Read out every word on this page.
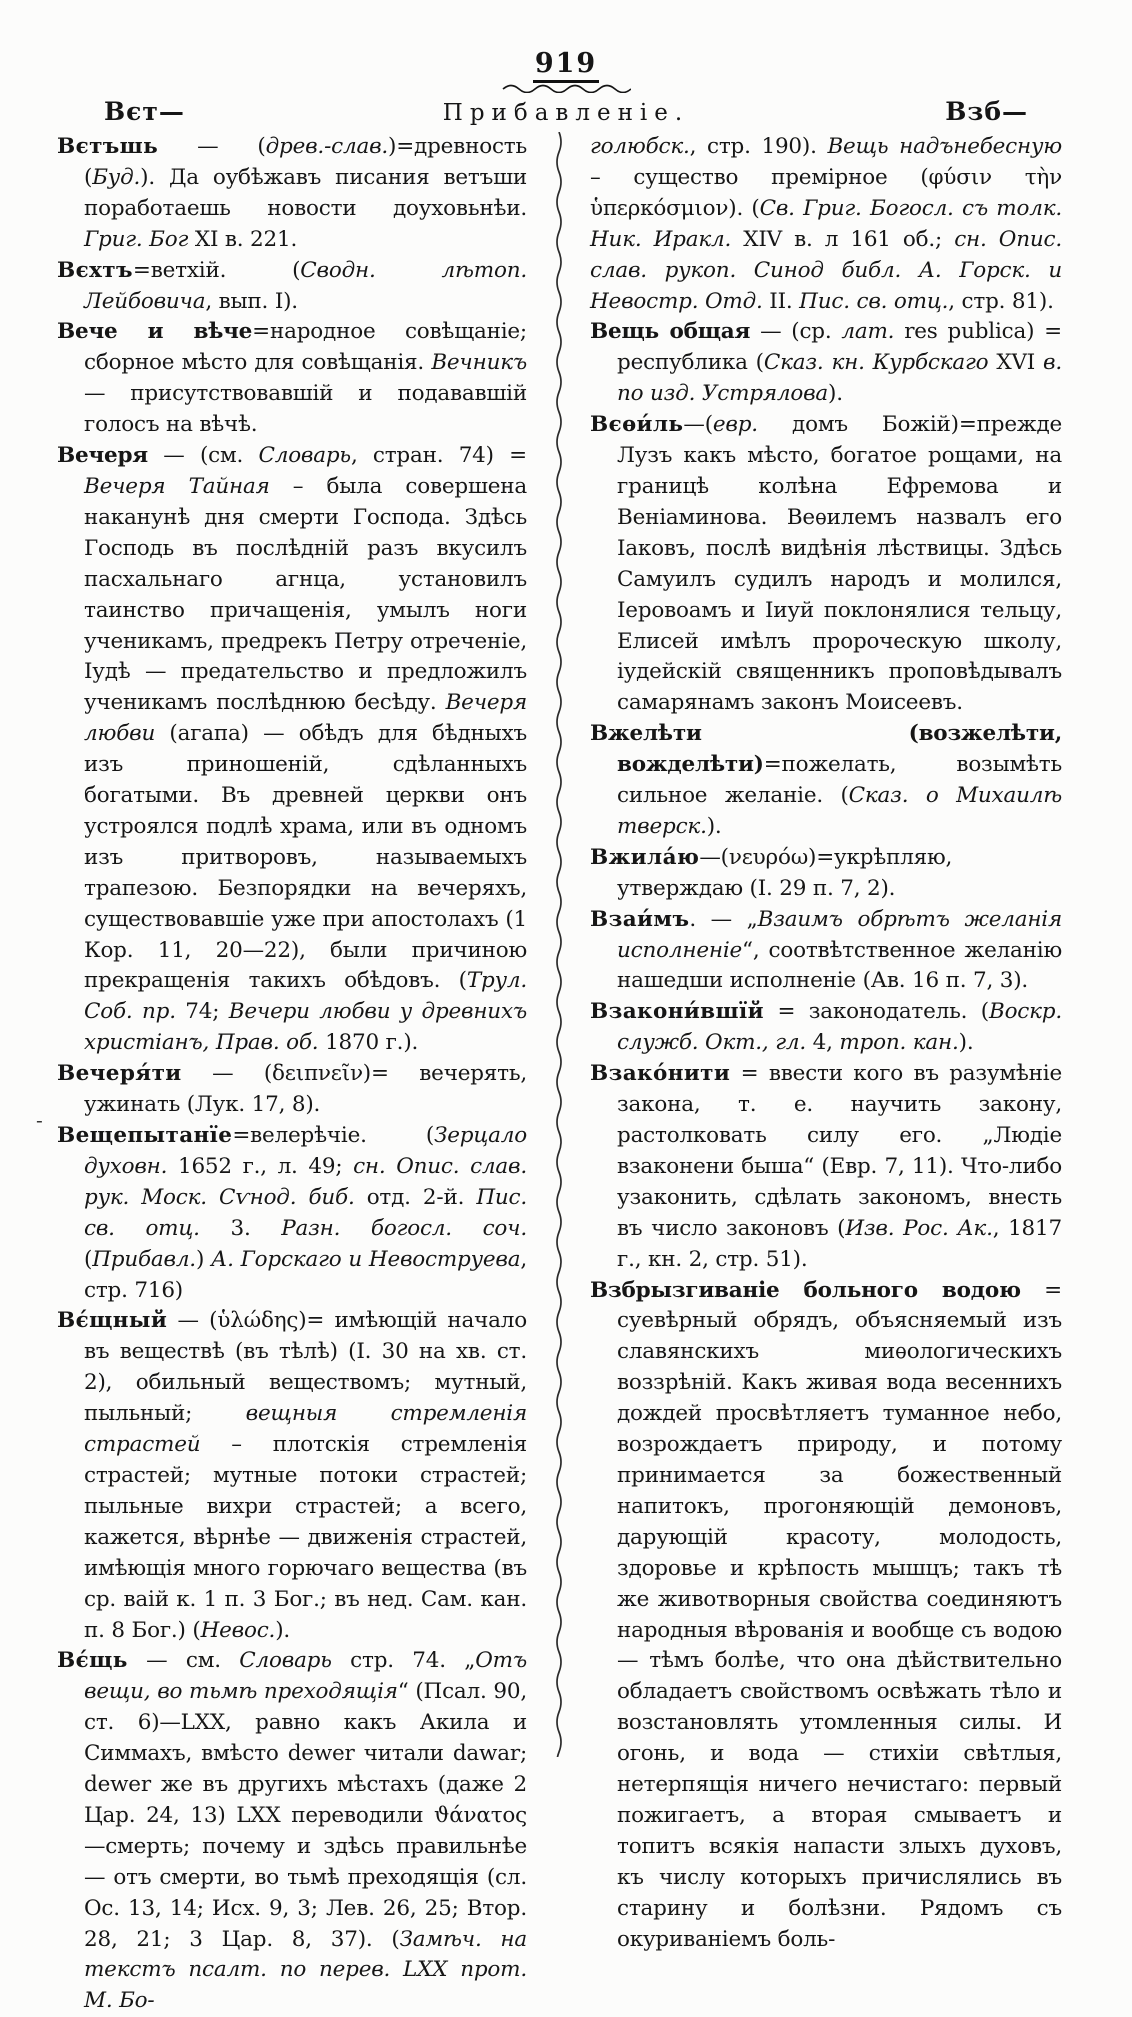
919
Вєт—	Прибавленіе.	Взб—

Вєтъшь — (древ.-слав.)=древность (Буд.). Да оубѣжавъ писания ветъши поработаешь новости доуховьнѣи. Григ. Бог XI в. 221.

Вєхтъ=ветхій. (Сводн. лѣтоп. Лейбовича, вып. I).

Вече и вѣче=народное совѣщаніе; сборное мѣсто для совѣщанія. Вечникъ — присутствовавшій и подававшій голосъ на вѣчѣ.

Вечеря — (см. Словарь, стран. 74) = Вечеря Тайная – была совершена наканунѣ дня смерти Господа. Здѣсь Господь въ послѣдній разъ вкусилъ пасхальнаго агнца, установилъ таинство причащенія, умылъ ноги ученикамъ, предрекъ Петру отреченіе, Іудѣ — предательство и предложилъ ученикамъ послѣднюю бесѣду. Вечеря любви (агапа) — обѣдъ для бѣдныхъ изъ приношеній, сдѣланныхъ богатыми. Въ древней церкви онъ устроялся подлѣ храма, или въ одномъ изъ притворовъ, называемыхъ трапезою. Безпорядки на вечеряхъ, существовавшіе уже при апостолахъ (1 Кор. 11, 20—22), были причиною прекращенія такихъ обѣдовъ. (Трул. Соб. пр. 74; Вечери любви у древнихъ христіанъ, Прав. об. 1870 г.).

Вечеря́ти — (δειπνεῖν)= вечерять, ужинать (Лук. 17, 8).

Вещепытанїе=велерѣчіе. (Зерцало духовн. 1652 г., л. 49; сн. Опис. слав. рук. Моск. Сѵнод. биб. отд. 2-й. Пис. св. отц. 3. Разн. богосл. соч. (Прибавл.) А. Горскаго и Невоструева, стр. 716)

Вє́щный — (ὑλώδης)= имѣющій начало въ веществѣ (въ тѣлѣ) (І. 30 на хв. ст. 2), обильный веществомъ; мутный, пыльный; вещныя стремленія страстей – плотскія стремленія страстей; мутные потоки страстей; пыльные вихри страстей; а всего, кажется, вѣрнѣе — движенія страстей, имѣющія много горючаго вещества (въ ср. ваій к. 1 п. 3 Бог.; въ нед. Сам. кан. п. 8 Бог.) (Невос.).

Вє́щь — см. Словарь стр. 74. „Отъ вещи, во тьмѣ преходящія“ (Псал. 90, ст. 6)—LXX, равно какъ Акила и Симмахъ, вмѣсто dewer читали dawar; dewer же въ другихъ мѣстахъ (даже 2 Цар. 24, 13) LXX переводили ϑάνατος—смерть; почему и здѣсь правильнѣе — отъ смерти, во тьмѣ преходящія (сл. Ос. 13, 14; Исх. 9, 3; Лев. 26, 25; Втор. 28, 21; 3 Цар. 8, 37). (Замѣч. на текстъ псалт. по перев. LXX прот. М. Бо-

голюбск., стр. 190). Вещь надънебесную – существо премірное (φύσιν τὴν ὑπερκόσμιον). (Св. Григ. Богосл. съ толк. Ник. Иракл. XIV в. л 161 об.; сн. Опис. слав. рукоп. Синод библ. А. Горск. и Невостр. Отд. II. Пис. св. отц., стр. 81).

Вещь общая — (ср. лат. res publica) = республика (Сказ. кн. Курбскаго XVI в. по изд. Устрялова).

Вєѳи́ль—(евр. домъ Божій)=прежде Лузъ какъ мѣсто, богатое рощами, на границѣ колѣна Ефремова и Веніаминова. Веѳилемъ назвалъ его Іаковъ, послѣ видѣнія лѣствицы. Здѣсь Самуилъ судилъ народъ и молился, Іеровоамъ и Іиуй поклонялися тельцу, Елисей имѣлъ пророческую школу, іудейскій священникъ проповѣдывалъ самарянамъ законъ Моисеевъ.

Вжелѣти (возжелѣти, вожделѣти)=пожелать, возымѣть сильное желаніе. (Сказ. о Михаилѣ тверск.).

Вжила́ю—(νευρόω)=укрѣпляю, утверждаю (І. 29 п. 7, 2).

Взаи́мъ. — „Взаимъ обрѣтъ желанія исполненіе“, соотвѣтственное желанію нашедши исполненіе (Ав. 16 п. 7, 3).

Взакони́вшїй = законодатель. (Воскр. служб. Окт., гл. 4, троп. кан.).

Взако́нити = ввести кого въ разумѣніе закона, т. е. научить закону, растолковать силу его. „Людіе взаконени быша“ (Евр. 7, 11). Что-либо узаконить, сдѣлать закономъ, внесть въ число законовъ (Изв. Рос. Ак., 1817 г., кн. 2, стр. 51).

Взбрызгиваніе больного водою = суевѣрный обрядъ, объясняемый изъ славянскихъ миѳологическихъ воззрѣній. Какъ живая вода весеннихъ дождей просвѣтляетъ туманное небо, возрождаетъ природу, и потому принимается за божественный напитокъ, прогоняющій демоновъ, дарующій красоту, молодость, здоровье и крѣпость мышцъ; такъ тѣ же животворныя свойства соединяютъ народныя вѣрованія и вообще съ водою — тѣмъ болѣе, что она дѣйствительно обладаетъ свойствомъ освѣжать тѣло и возстановлять утомленныя силы. И огонь, и вода — стихіи свѣтлыя, нетерпящія ничего нечистаго: первый пожигаетъ, а вторая смываетъ и топитъ всякія напасти злыхъ духовъ, къ числу которыхъ причислялись въ старину и болѣзни. Рядомъ съ окуриваніемъ боль-

-
